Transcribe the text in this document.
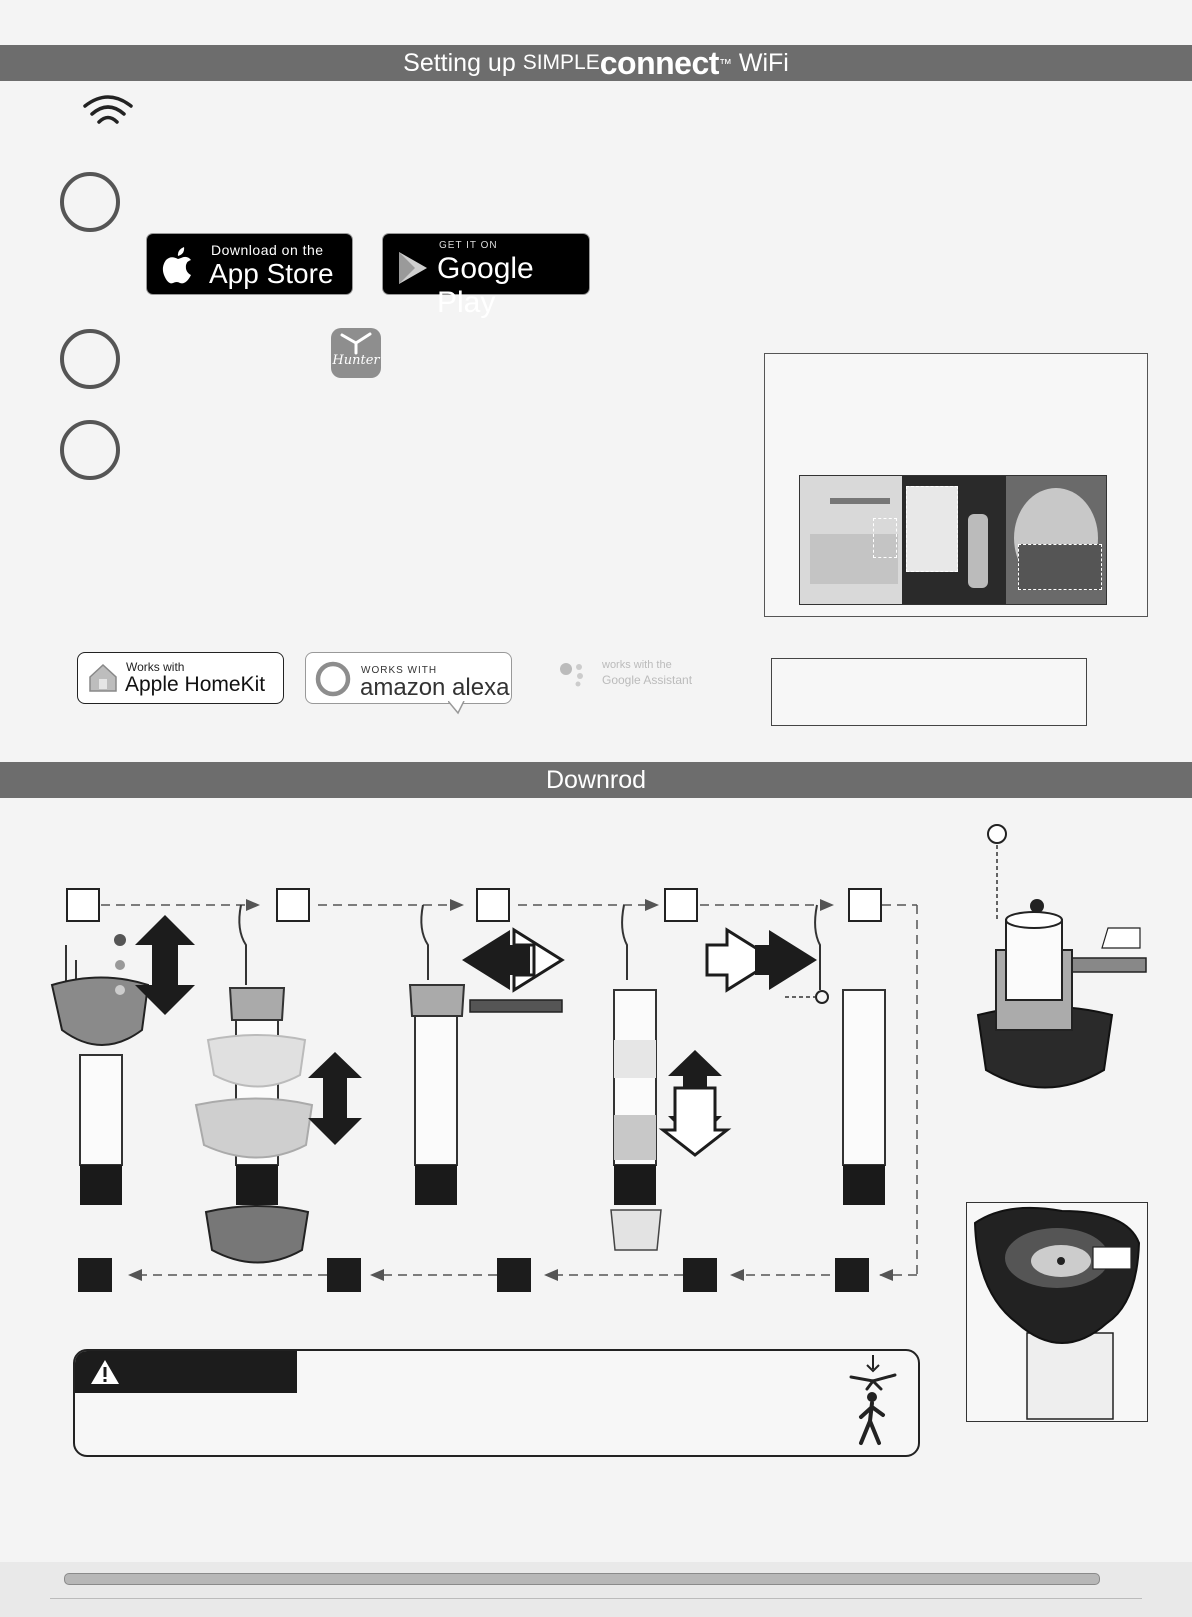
Setting up
SIMPLE connect ™
WiFi
Download on the
App Store
GET IT ON
Google Play
Hunter
Works with
Apple HomeKit
WORKS WITH
amazon alexa
works with the
Google Assistant
Downrod
